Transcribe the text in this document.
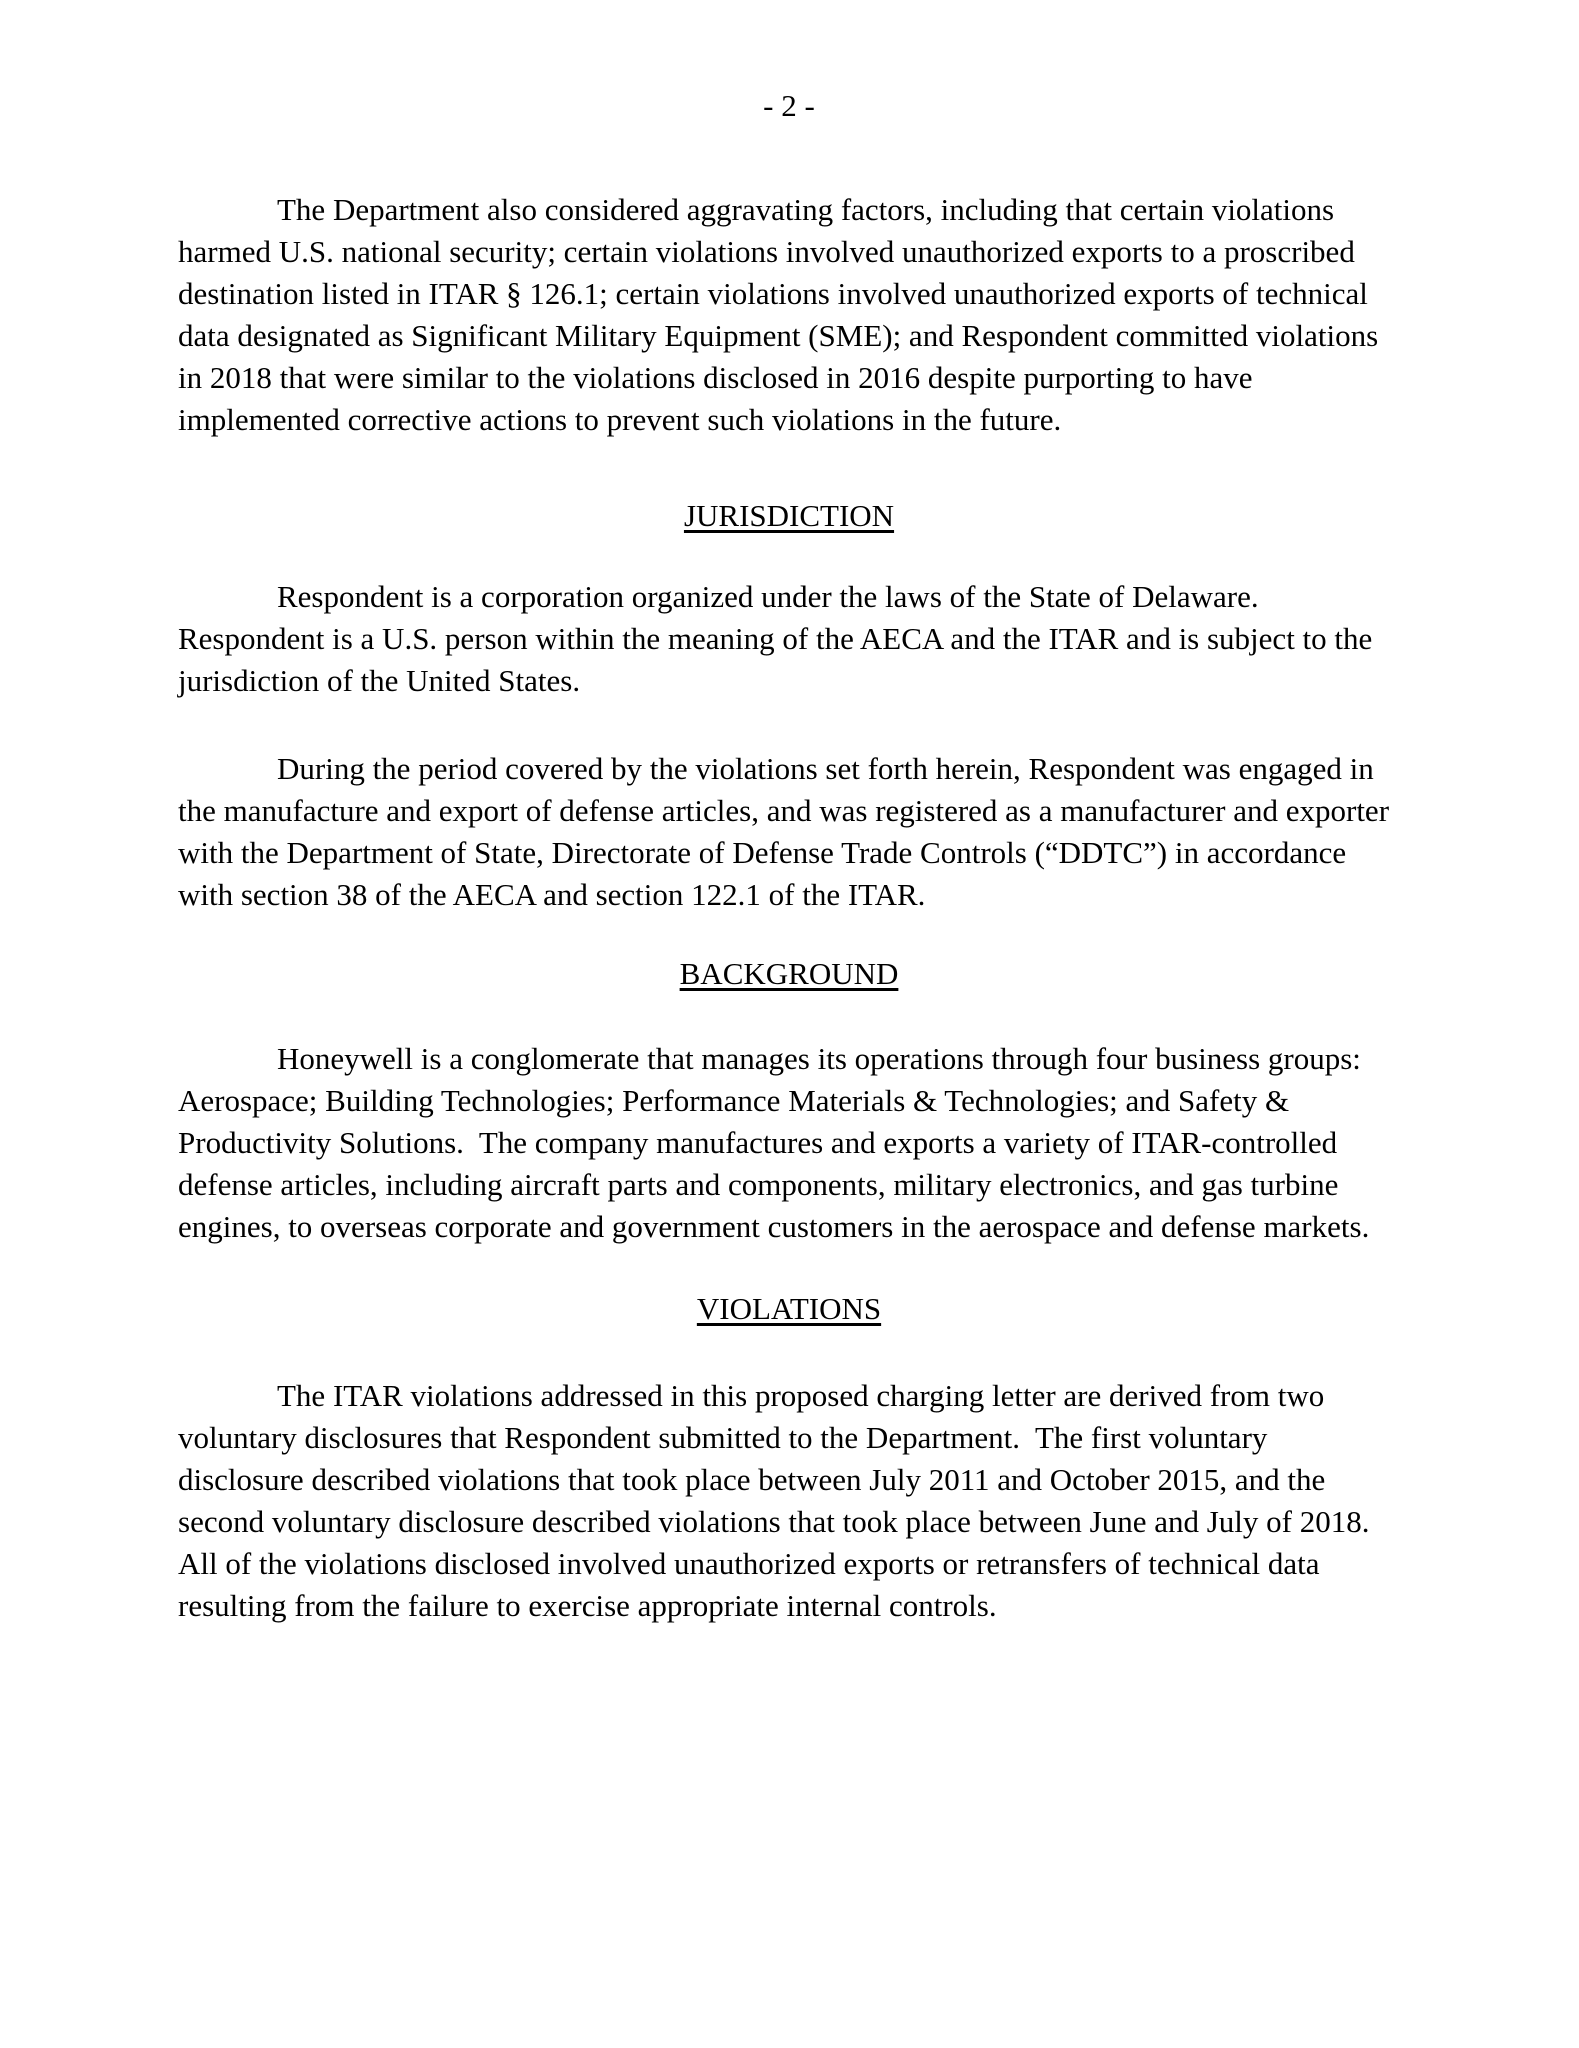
- 2 -

The Department also considered aggravating factors, including that certain violations harmed U.S. national security; certain violations involved unauthorized exports to a proscribed destination listed in ITAR § 126.1; certain violations involved unauthorized exports of technical data designated as Significant Military Equipment (SME); and Respondent committed violations in 2018 that were similar to the violations disclosed in 2016 despite purporting to have implemented corrective actions to prevent such violations in the future.

JURISDICTION

Respondent is a corporation organized under the laws of the State of Delaware.  Respondent is a U.S. person within the meaning of the AECA and the ITAR and is subject to the jurisdiction of the United States.

During the period covered by the violations set forth herein, Respondent was engaged in the manufacture and export of defense articles, and was registered as a manufacturer and exporter with the Department of State, Directorate of Defense Trade Controls (“DDTC”) in accordance with section 38 of the AECA and section 122.1 of the ITAR.

BACKGROUND

Honeywell is a conglomerate that manages its operations through four business groups:  Aerospace; Building Technologies; Performance Materials & Technologies; and Safety & Productivity Solutions.  The company manufactures and exports a variety of ITAR-controlled defense articles, including aircraft parts and components, military electronics, and gas turbine engines, to overseas corporate and government customers in the aerospace and defense markets.

VIOLATIONS

The ITAR violations addressed in this proposed charging letter are derived from two voluntary disclosures that Respondent submitted to the Department.  The first voluntary disclosure described violations that took place between July 2011 and October 2015, and the second voluntary disclosure described violations that took place between June and July of 2018.  All of the violations disclosed involved unauthorized exports or retransfers of technical data resulting from the failure to exercise appropriate internal controls.
